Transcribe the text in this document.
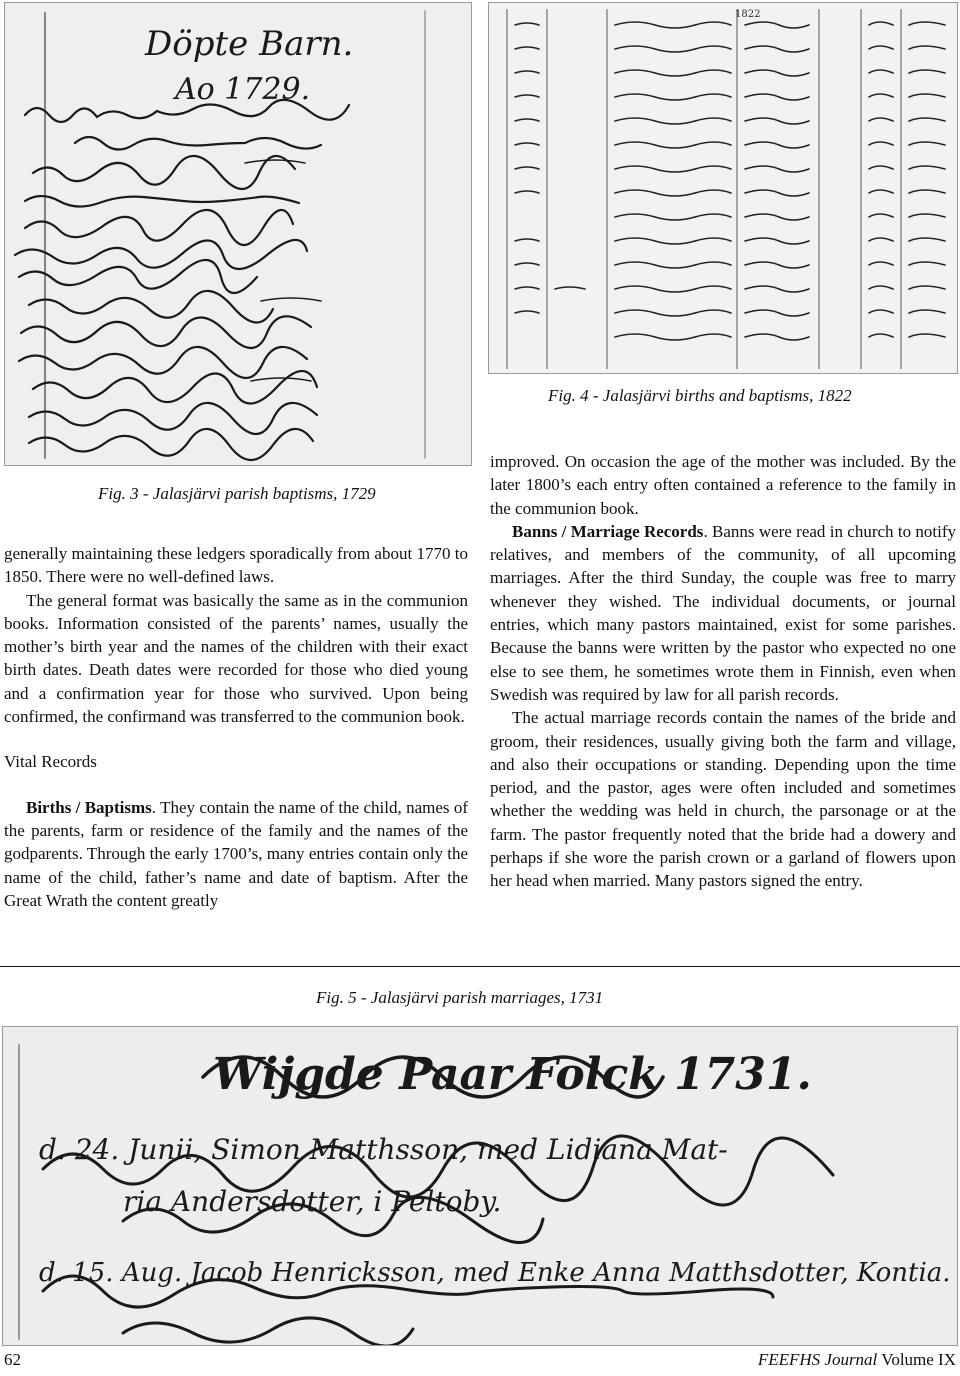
Döpte Barn.
Ao 1729.
1822
Fig. 4 - Jalasjärvi births and baptisms, 1822
Fig. 3 - Jalasjärvi parish baptisms, 1729

generally maintaining these ledgers sporadically from about 1770 to 1850. There were no well-defined laws.

The general format was basically the same as in the communion books. Information consisted of the parents’ names, usually the mother’s birth year and the names of the children with their exact birth dates. Death dates were recorded for those who died young and a confirmation year for those who survived. Upon being confirmed, the confirmand was transferred to the communion book.

Vital Records

Births / Baptisms. They contain the name of the child, names of the parents, farm or residence of the family and the names of the godparents. Through the early 1700’s, many entries contain only the name of the child, father’s name and date of baptism. After the Great Wrath the content greatly

improved. On occasion the age of the mother was included. By the later 1800’s each entry often contained a reference to the family in the communion book.

Banns / Marriage Records. Banns were read in church to notify relatives, and members of the community, of all upcoming marriages. After the third Sunday, the couple was free to marry whenever they wished. The individual documents, or journal entries, which many pastors maintained, exist for some parishes. Because the banns were written by the pastor who expected no one else to see them, he sometimes wrote them in Finnish, even when Swedish was required by law for all parish records.

The actual marriage records contain the names of the bride and groom, their residences, usually giving both the farm and village, and also their occupations or standing. Depending upon the time period, and the pastor, ages were often included and sometimes whether the wedding was held in church, the parsonage or at the farm. The pastor frequently noted that the bride had a dowery and perhaps if she wore the parish crown or a garland of flowers upon her head when married. Many pastors signed the entry.

Fig. 5 - Jalasjärvi parish marriages, 1731
Wijgde Paar Folck 1731.
d. 24. Junii, Simon Matthsson, med Lidiana Mat-
ria Andersdotter, i Peltoby.
d. 15. Aug. Jacob Henricksson, med Enke Anna Matthsdotter, Kontia.
62	FEEFHS Journal Volume IX
